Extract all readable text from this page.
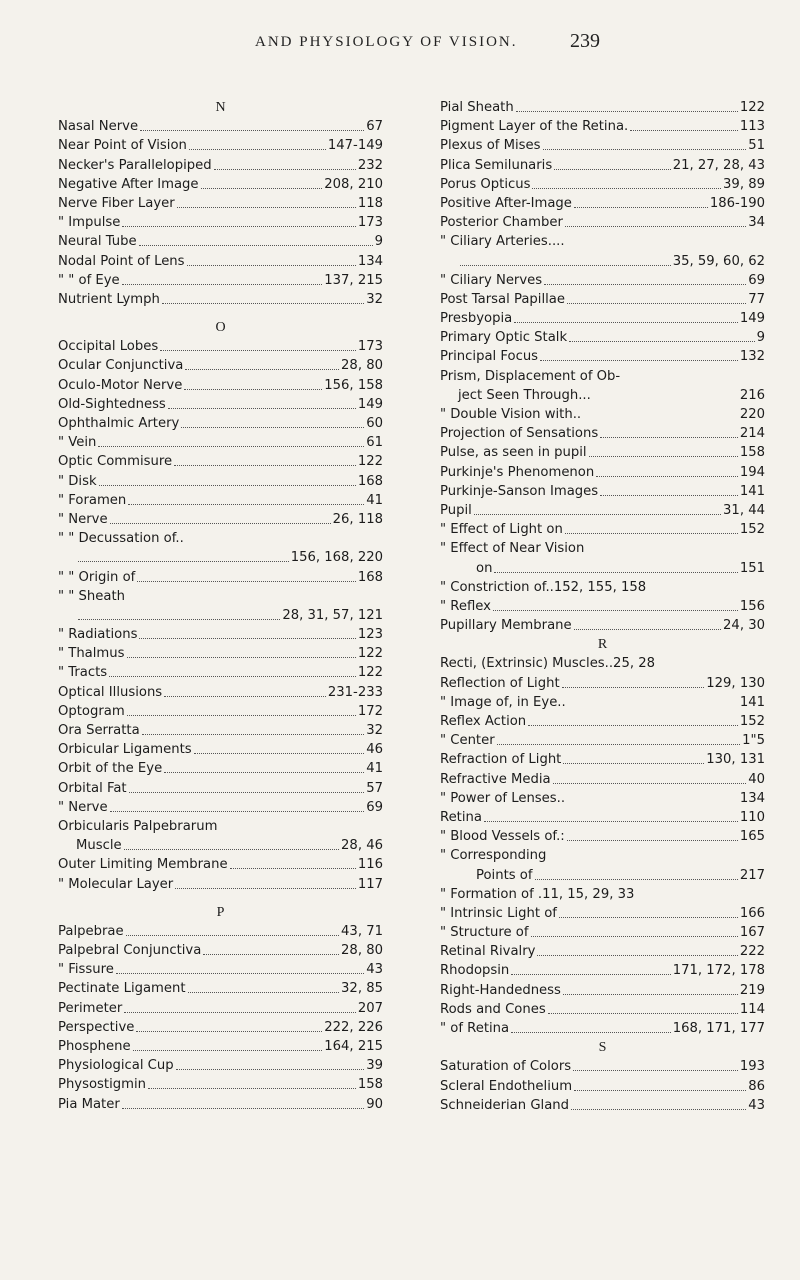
AND PHYSIOLOGY OF VISION.	239
N
Nasal Nerve	67
Near Point of Vision	147-149
Necker's Parallelopiped	232
Negative After Image	208, 210
Nerve Fiber Layer	118
" Impulse	173
Neural Tube	9
Nodal Point of Lens	134
" " of Eye	137, 215
Nutrient Lymph	32
O
Occipital Lobes	173
Ocular Conjunctiva	28, 80
Oculo-Motor Nerve	156, 158
Old-Sightedness	149
Ophthalmic Artery	60
" Vein	61
Optic Commisure	122
" Disk	168
" Foramen	41
" Nerve	26, 118
" " Decussation of..
156, 168, 220
" " Origin of	168
" " Sheath
28, 31, 57, 121
" Radiations	123
" Thalmus	122
" Tracts	122
Optical Illusions	231-233
Optogram	172
Ora Serratta	32
Orbicular Ligaments	46
Orbit of the Eye	41
Orbital Fat	57
" Nerve	69
Orbicularis Palpebrarum
Muscle	28, 46
Outer Limiting Membrane	116
" Molecular Layer	117
P
Palpebrae	43, 71
Palpebral Conjunctiva	28, 80
" Fissure	43
Pectinate Ligament	32, 85
Perimeter	207
Perspective	222, 226
Phosphene	164, 215
Physiological Cup	39
Physostigmin	158
Pia Mater	90
Pial Sheath	122
Pigment Layer of the Retina.	113
Plexus of Mises	51
Plica Semilunaris	21, 27, 28, 43
Porus Opticus	39, 89
Positive After-Image	186-190
Posterior Chamber	34
" Ciliary Arteries....
35, 59, 60, 62
" Ciliary Nerves	69
Post Tarsal Papillae	77
Presbyopia	149
Primary Optic Stalk	9
Principal Focus	132
Prism, Displacement of Ob-
ject Seen Through...	216
" Double Vision with..	220
Projection of Sensations	214
Pulse, as seen in pupil	158
Purkinje's Phenomenon	194
Purkinje-Sanson Images	141
Pupil	31, 44
" Effect of Light on	152
" Effect of Near Vision
on	151
" Constriction of..152, 155, 158
" Reflex	156
Pupillary Membrane	24, 30
R
Recti, (Extrinsic) Muscles..25, 28
Reflection of Light	129, 130
" Image of, in Eye..	141
Reflex Action	152
" Center	1"5
Refraction of Light	130, 131
Refractive Media	40
" Power of Lenses..	134
Retina	110
" Blood Vessels of.:	165
" Corresponding
Points of	217
" Formation of .11, 15, 29, 33
" Intrinsic Light of	166
" Structure of	167
Retinal Rivalry	222
Rhodopsin	171, 172, 178
Right-Handedness	219
Rods and Cones	114
" of Retina	168, 171, 177
S
Saturation of Colors	193
Scleral Endothelium	86
Schneiderian Gland	43
